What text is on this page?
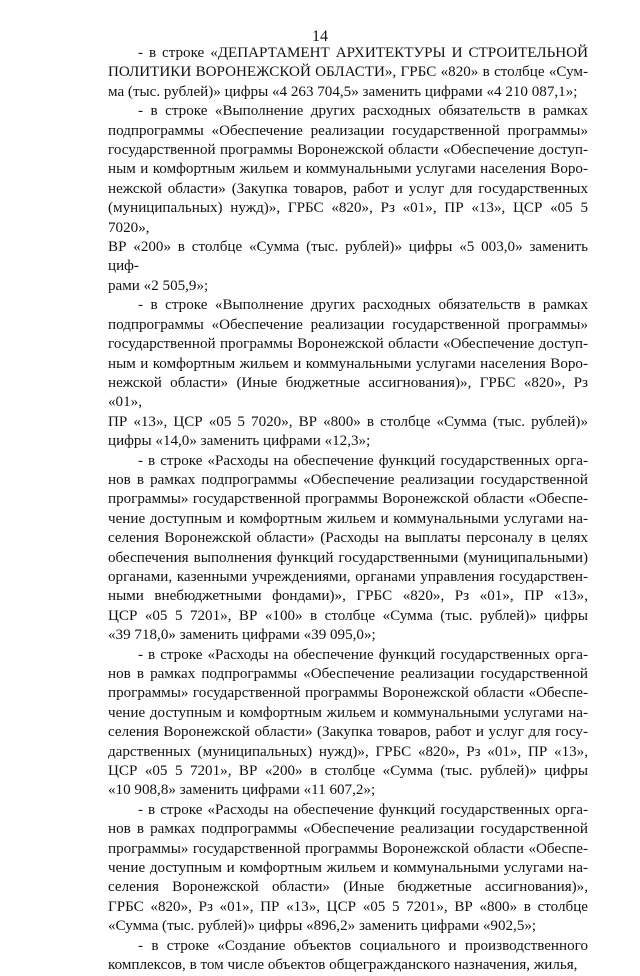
14
- в строке «ДЕПАРТАМЕНТ АРХИТЕКТУРЫ И СТРОИТЕЛЬНОЙ
ПОЛИТИКИ ВОРОНЕЖСКОЙ ОБЛАСТИ», ГРБС «820» в столбце «Сум-
ма (тыс. рублей)» цифры «4 263 704,5» заменить цифрами «4 210 087,1»;
- в строке «Выполнение других расходных обязательств в рамках
подпрограммы «Обеспечение реализации государственной программы»
государственной программы Воронежской области «Обеспечение доступ-
ным и комфортным жильем и коммунальными услугами населения Воро-
нежской области» (Закупка товаров, работ и услуг для государственных
(муниципальных) нужд)», ГРБС «820», Рз «01», ПР «13», ЦСР «05 5 7020»,
ВР «200» в столбце «Сумма (тыс. рублей)» цифры «5 003,0» заменить циф-
рами «2 505,9»;
- в строке «Выполнение других расходных обязательств в рамках
подпрограммы «Обеспечение реализации государственной программы»
государственной программы Воронежской области «Обеспечение доступ-
ным и комфортным жильем и коммунальными услугами населения Воро-
нежской области» (Иные бюджетные ассигнования)», ГРБС «820», Рз «01»,
ПР «13», ЦСР «05 5 7020», ВР «800» в столбце «Сумма (тыс. рублей)»
цифры «14,0» заменить цифрами «12,3»;
- в строке «Расходы на обеспечение функций государственных орга-
нов в рамках подпрограммы «Обеспечение реализации государственной
программы» государственной программы Воронежской области «Обеспе-
чение доступным и комфортным жильем и коммунальными услугами на-
селения Воронежской области» (Расходы на выплаты персоналу в целях
обеспечения выполнения функций государственными (муниципальными)
органами, казенными учреждениями, органами управления государствен-
ными внебюджетными фондами)», ГРБС «820», Рз «01», ПР «13»,
ЦСР «05 5 7201», ВР «100» в столбце «Сумма (тыс. рублей)» цифры
«39 718,0» заменить цифрами «39 095,0»;
- в строке «Расходы на обеспечение функций государственных орга-
нов в рамках подпрограммы «Обеспечение реализации государственной
программы» государственной программы Воронежской области «Обеспе-
чение доступным и комфортным жильем и коммунальными услугами на-
селения Воронежской области» (Закупка товаров, работ и услуг для госу-
дарственных (муниципальных) нужд)», ГРБС «820», Рз «01», ПР «13»,
ЦСР «05 5 7201», ВР «200» в столбце «Сумма (тыс. рублей)» цифры
«10 908,8» заменить цифрами «11 607,2»;
- в строке «Расходы на обеспечение функций государственных орга-
нов в рамках подпрограммы «Обеспечение реализации государственной
программы» государственной программы Воронежской области «Обеспе-
чение доступным и комфортным жильем и коммунальными услугами на-
селения Воронежской области» (Иные бюджетные ассигнования)»,
ГРБС «820», Рз «01», ПР «13», ЦСР «05 5 7201», ВР «800» в столбце
«Сумма (тыс. рублей)» цифры «896,2» заменить цифрами «902,5»;
- в строке «Создание объектов социального и производственного
комплексов, в том числе объектов общегражданского назначения, жилья,
